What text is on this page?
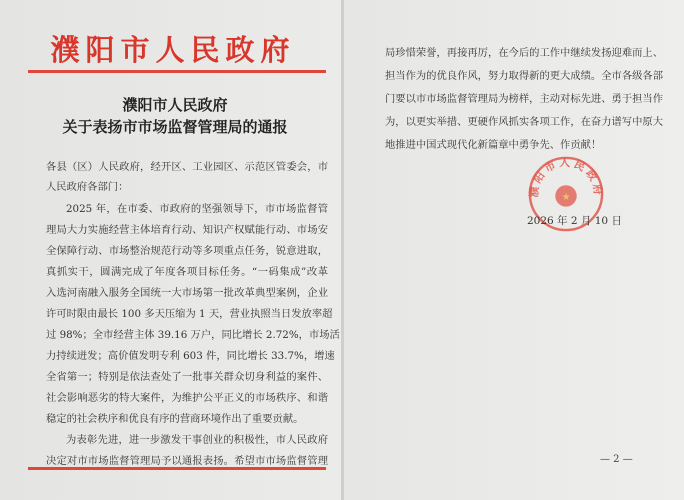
濮阳市人民政府
濮阳市人民政府
关于表扬市市场监督管理局的通报
各县（区）人民政府，经开区、工业园区、示范区管委会，市
人民政府各部门：
2025 年，在市委、市政府的坚强领导下，市市场监督管
理局大力实施经营主体培育行动、知识产权赋能行动、市场安
全保障行动、市场整治规范行动等多项重点任务，锐意进取，
真抓实干，圆满完成了年度各项目标任务。“一码集成”改革
入选河南融入服务全国统一大市场第一批改革典型案例，企业
许可时限由最长 100 多天压缩为 1 天，营业执照当日发放率超
过 98%；全市经营主体 39.16 万户，同比增长 2.72%，市场活
力持续迸发；高价值发明专利 603 件，同比增长 33.7%，增速
全省第一；特别是依法查处了一批事关群众切身利益的案件、
社会影响恶劣的特大案件，为维护公平正义的市场秩序、和谐
稳定的社会秩序和优良有序的营商环境作出了重要贡献。
为表彰先进，进一步激发干事创业的积极性，市人民政府
决定对市市场监督管理局予以通报表扬。希望市市场监督管理
局珍惜荣誉，再接再厉，在今后的工作中继续发扬迎难而上、
担当作为的优良作风，努力取得新的更大成绩。全市各级各部
门要以市市场监督管理局为榜样，主动对标先进、勇于担当作
为，以更实举措、更硬作风抓实各项工作，在奋力谱写中原大
地推进中国式现代化新篇章中勇争先、作贡献！
濮阳市人民政府
★
2026 年 2 月 10 日
— 2 —
